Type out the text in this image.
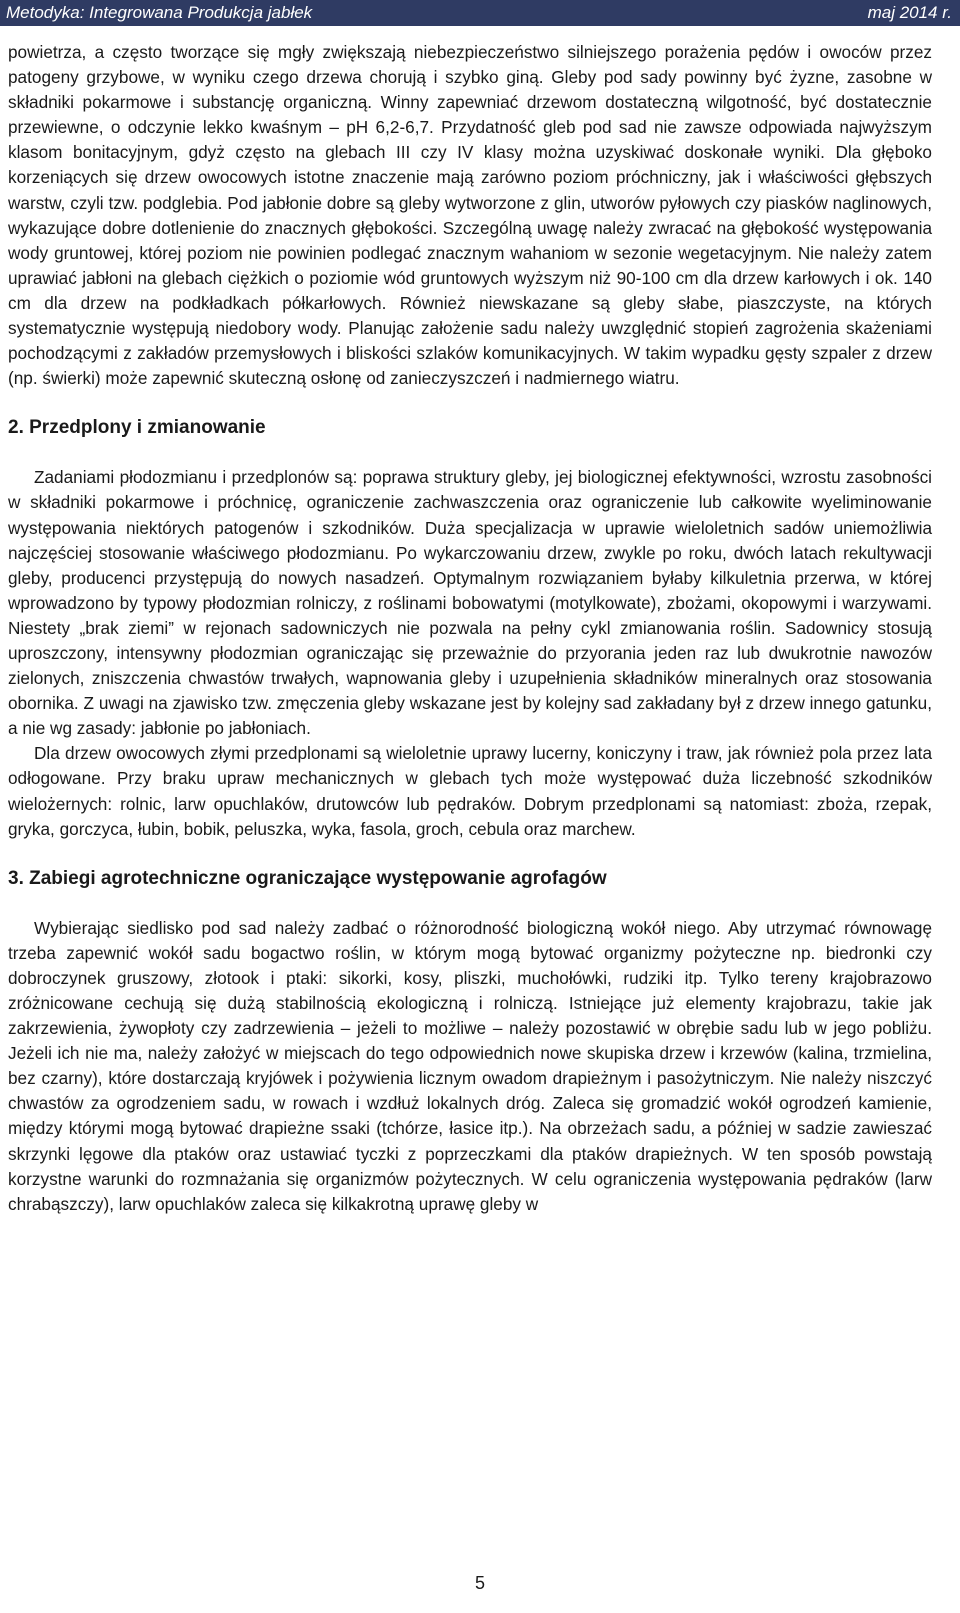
Metodyka: Integrowana Produkcja jabłek	maj 2014 r.

powietrza, a często tworzące się mgły zwiększają niebezpieczeństwo silniejszego porażenia pędów i owoców przez patogeny grzybowe, w wyniku czego drzewa chorują i szybko giną. Gleby pod sady powinny być żyzne, zasobne w składniki pokarmowe i substancję organiczną. Winny zapewniać drzewom dostateczną wilgotność, być dostatecznie przewiewne, o odczynie lekko kwaśnym – pH 6,2-6,7. Przydatność gleb pod sad nie zawsze odpowiada najwyższym klasom bonitacyjnym, gdyż często na glebach III czy IV klasy można uzyskiwać doskonałe wyniki. Dla głęboko korzeniących się drzew owocowych istotne znaczenie mają zarówno poziom próchniczny, jak i właściwości głębszych warstw, czyli tzw. podglebia. Pod jabłonie dobre są gleby wytworzone z glin, utworów pyłowych czy piasków naglinowych, wykazujące dobre dotlenienie do znacznych głębokości. Szczególną uwagę należy zwracać na głębokość występowania wody gruntowej, której poziom nie powinien podlegać znacznym wahaniom w sezonie wegetacyjnym. Nie należy zatem uprawiać jabłoni na glebach ciężkich o poziomie wód gruntowych wyższym niż 90-100 cm dla drzew karłowych i ok. 140 cm dla drzew na podkładkach półkarłowych. Również niewskazane są gleby słabe, piaszczyste, na których systematycznie występują niedobory wody. Planując założenie sadu należy uwzględnić stopień zagrożenia skażeniami pochodzącymi z zakładów przemysłowych i bliskości szlaków komunikacyjnych. W takim wypadku gęsty szpaler z drzew (np. świerki) może zapewnić skuteczną osłonę od zanieczyszczeń i nadmiernego wiatru.

2. Przedplony i zmianowanie

Zadaniami płodozmianu i przedplonów są: poprawa struktury gleby, jej biologicznej efektywności, wzrostu zasobności w składniki pokarmowe i próchnicę, ograniczenie zachwaszczenia oraz ograniczenie lub całkowite wyeliminowanie występowania niektórych patogenów i szkodników. Duża specjalizacja w uprawie wieloletnich sadów uniemożliwia najczęściej stosowanie właściwego płodozmianu. Po wykarczowaniu drzew, zwykle po roku, dwóch latach rekultywacji gleby, producenci przystępują do nowych nasadzeń. Optymalnym rozwiązaniem byłaby kilkuletnia przerwa, w której wprowadzono by typowy płodozmian rolniczy, z roślinami bobowatymi (motylkowate), zbożami, okopowymi i warzywami. Niestety „brak ziemi” w rejonach sadowniczych nie pozwala na pełny cykl zmianowania roślin. Sadownicy stosują uproszczony, intensywny płodozmian ograniczając się przeważnie do przyorania jeden raz lub dwukrotnie nawozów zielonych, zniszczenia chwastów trwałych, wapnowania gleby i uzupełnienia składników mineralnych oraz stosowania obornika. Z uwagi na zjawisko tzw. zmęczenia gleby wskazane jest by kolejny sad zakładany był z drzew innego gatunku, a nie wg zasady: jabłonie po jabłoniach.

Dla drzew owocowych złymi przedplonami są wieloletnie uprawy lucerny, koniczyny i traw, jak również pola przez lata odłogowane. Przy braku upraw mechanicznych w glebach tych może występować duża liczebność szkodników wielożernych: rolnic, larw opuchlaków, drutowców lub pędraków. Dobrym przedplonami są natomiast: zboża, rzepak, gryka, gorczyca, łubin, bobik, peluszka, wyka, fasola, groch, cebula oraz marchew.

3. Zabiegi agrotechniczne ograniczające występowanie agrofagów

Wybierając siedlisko pod sad należy zadbać o różnorodność biologiczną wokół niego. Aby utrzymać równowagę trzeba zapewnić wokół sadu bogactwo roślin, w którym mogą bytować organizmy pożyteczne np. biedronki czy dobroczynek gruszowy, złotook i ptaki: sikorki, kosy, pliszki, muchołówki, rudziki itp. Tylko tereny krajobrazowo zróżnicowane cechują się dużą stabilnością ekologiczną i rolniczą. Istniejące już elementy krajobrazu, takie jak zakrzewienia, żywopłoty czy zadrzewienia – jeżeli to możliwe – należy pozostawić w obrębie sadu lub w jego pobliżu. Jeżeli ich nie ma, należy założyć w miejscach do tego odpowiednich nowe skupiska drzew i krzewów (kalina, trzmielina, bez czarny), które dostarczają kryjówek i pożywienia licznym owadom drapieżnym i pasożytniczym. Nie należy niszczyć chwastów za ogrodzeniem sadu, w rowach i wzdłuż lokalnych dróg. Zaleca się gromadzić wokół ogrodzeń kamienie, między którymi mogą bytować drapieżne ssaki (tchórze, łasice itp.). Na obrzeżach sadu, a później w sadzie zawieszać skrzynki lęgowe dla ptaków oraz ustawiać tyczki z poprzeczkami dla ptaków drapieżnych. W ten sposób powstają korzystne warunki do rozmnażania się organizmów pożytecznych. W celu ograniczenia występowania pędraków (larw chrabąszczy), larw opuchlaków zaleca się kilkakrotną uprawę gleby w

5
